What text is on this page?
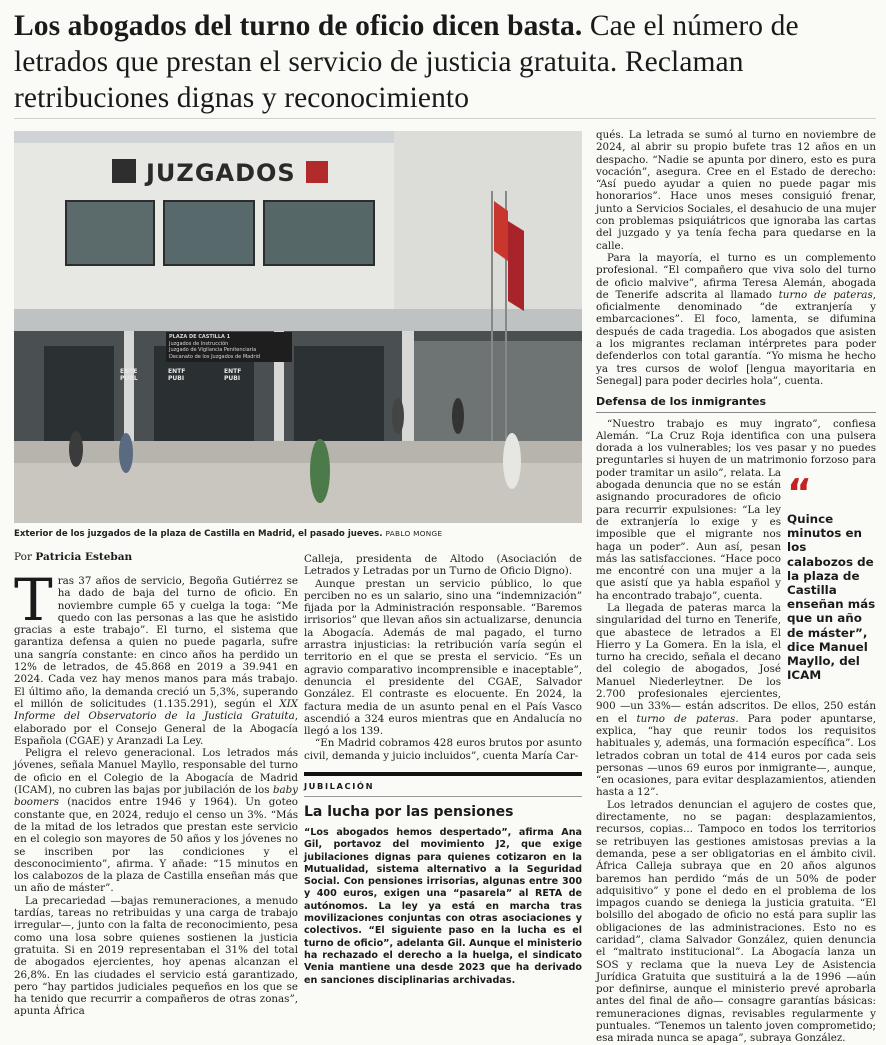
Los abogados del turno de oficio dicen basta. Cae el número de letrados que prestan el servicio de justicia gratuita. Reclaman retribuciones dignas y reconocimiento
JUZGADOS
PLAZA DE CASTILLA 1
Juzgados de Instrucción
Juzgado de Vigilancia Penitenciaria
Decanato de los Juzgados de Madrid
ENTE PUBL
ENTF PUBI
ENTF PUBI
Exterior de los juzgados de la plaza de Castilla en Madrid, el pasado jueves. PABLO MONGE
Por Patricia Esteban

Tras 37 años de servicio, Begoña Gutiérrez se ha dado de baja del turno de oficio. En noviembre cumple 65 y cuelga la toga: “Me quedo con las personas a las que he asistido gracias a este trabajo”. El turno, el sistema que garantiza defensa a quien no puede pagarla, sufre una sangría constante: en cinco años ha perdido un 12% de letrados, de 45.868 en 2019 a 39.941 en 2024. Cada vez hay menos manos para más trabajo. El último año, la demanda creció un 5,3%, superando el millón de solicitudes (1.135.291), según el XIX Informe del Observatorio de la Justicia Gratuita, elaborado por el Consejo General de la Abogacía Española (CGAE) y Aranzadi La Ley.

Peligra el relevo generacional. Los letrados más jóvenes, señala Manuel Mayllo, responsable del turno de oficio en el Colegio de la Abogacía de Madrid (ICAM), no cubren las bajas por jubilación de los baby boomers (nacidos entre 1946 y 1964). Un goteo constante que, en 2024, redujo el censo un 3%. “Más de la mitad de los letrados que prestan este servicio en el colegio son mayores de 50 años y los jóvenes no se inscriben por las condiciones y el desconocimiento”, afirma. Y añade: “15 minutos en los calabozos de la plaza de Castilla enseñan más que un año de máster”.

La precariedad —bajas remuneraciones, a menudo tardías, tareas no retribuidas y una carga de trabajo irregular—, junto con la falta de reconocimiento, pesa como una losa sobre quienes sostienen la justicia gratuita. Si en 2019 representaban el 31% del total de abogados ejercientes, hoy apenas alcanzan el 26,8%. En las ciudades el servicio está garantizado, pero “hay partidos judiciales pequeños en los que se ha tenido que recurrir a compañeros de otras zonas”, apunta África

Calleja, presidenta de Altodo (Asociación de Letrados y Letradas por un Turno de Oficio Digno).

Aunque prestan un servicio público, lo que perciben no es un salario, sino una “indemnización” fijada por la Administración responsable. “Baremos irrisorios” que llevan años sin actualizarse, denuncia la Abogacía. Además de mal pagado, el turno arrastra injusticias: la retribución varía según el territorio en el que se presta el servicio. “Es un agravio comparativo incomprensible e inaceptable”, denuncia el presidente del CGAE, Salvador González. El contraste es elocuente. En 2024, la factura media de un asunto penal en el País Vasco ascendió a 324 euros mientras que en Andalucía no llegó a los 139.

“En Madrid cobramos 428 euros brutos por asunto civil, demanda y juicio incluidos”, cuenta María Car-

JUBILACIÓN
La lucha por las pensiones
“Los abogados hemos despertado”, afirma Ana Gil, portavoz del movimiento J2, que exige jubilaciones dignas para quienes cotizaron en la Mutualidad, sistema alternativo a la Seguridad Social. Con pensiones irrisorias, algunas entre 300 y 400 euros, exigen una “pasarela” al RETA de autónomos. La ley ya está en marcha tras movilizaciones conjuntas con otras asociaciones y colectivos. “El siguiente paso en la lucha es el turno de oficio”, adelanta Gil. Aunque el ministerio ha rechazado el derecho a la huelga, el sindicato Venia mantiene una desde 2023 que ha derivado en sanciones disciplinarias archivadas.

qués. La letrada se sumó al turno en noviembre de 2024, al abrir su propio bufete tras 12 años en un despacho. “Nadie se apunta por dinero, esto es pura vocación”, asegura. Cree en el Estado de derecho: “Así puedo ayudar a quien no puede pagar mis honorarios”. Hace unos meses consiguió frenar, junto a Servicios Sociales, el desahucio de una mujer con problemas psiquiátricos que ignoraba las cartas del juzgado y ya tenía fecha para quedarse en la calle.

Para la mayoría, el turno es un complemento profesional. “El compañero que viva solo del turno de oficio malvive”, afirma Teresa Alemán, abogada de Tenerife adscrita al llamado turno de pateras, oficialmente denominado “de extranjería y embarcaciones”. El foco, lamenta, se difumina después de cada tragedia. Los abogados que asisten a los migrantes reclaman intérpretes para poder defenderlos con total garantía. “Yo misma he hecho ya tres cursos de wolof [lengua mayoritaria en Senegal] para poder decirles hola”, cuenta.

Defensa de los inmigrantes

“Nuestro trabajo es muy ingrato”, confiesa Alemán. “La Cruz Roja identifica con una pulsera dorada a los vulnerables; los ves pasar y no puedes preguntarles si huyen de un matrimonio forzoso para poder tramitar un asilo”, relata. La abogada denuncia que no se están asignando procuradores de oficio para recurrir expulsiones: “La ley de extranjería lo exige y es imposible que el migrante nos haga un poder”. Aun así, pesan más las satisfacciones. “Hace poco me encontré con una mujer a la que asistí que ya habla español y ha encontrado trabajo”, cuenta.

La llegada de pateras marca la singularidad del turno en Tenerife, que abastece de letrados a El Hierro y La Gomera. En la isla, el turno ha crecido, señala el decano del colegio de abogados, José Manuel Niederleytner. De los 2.700 profesionales ejercientes, 900 —un 33%— están adscritos. De ellos, 250 están en el turno de pateras. Para poder apuntarse, explica, “hay que reunir todos los requisitos habituales y, además, una formación específica”. Los letrados cobran un total de 414 euros por cada seis personas —unos 69 euros por inmigrante—, aunque, “en ocasiones, para evitar desplazamientos, atienden hasta a 12”.

Los letrados denuncian el agujero de costes que, directamente, no se pagan: desplazamientos, recursos, copias... Tampoco en todos los territorios se retribuyen las gestiones amistosas previas a la demanda, pese a ser obligatorias en el ámbito civil. África Calleja subraya que en 20 años algunos baremos han perdido “más de un 50% de poder adquisitivo” y pone el dedo en el problema de los impagos cuando se deniega la justicia gratuita. “El bolsillo del abogado de oficio no está para suplir las obligaciones de las administraciones. Esto no es caridad”, clama Salvador González, quien denuncia el “maltrato institucional”. La Abogacía lanza un SOS y reclama que la nueva Ley de Asistencia Jurídica Gratuita que sustituirá a la de 1996 —aún por definirse, aunque el ministerio prevé aprobarla antes del final de año— consagre garantías básicas: remuneraciones dignas, revisables regularmente y puntuales. “Tenemos un talento joven comprometido; esa mirada nunca se apaga”, subraya González.

“
Quince minutos en los calabozos de la plaza de Castilla enseñan más que un año de máster”, dice Manuel Mayllo, del ICAM
